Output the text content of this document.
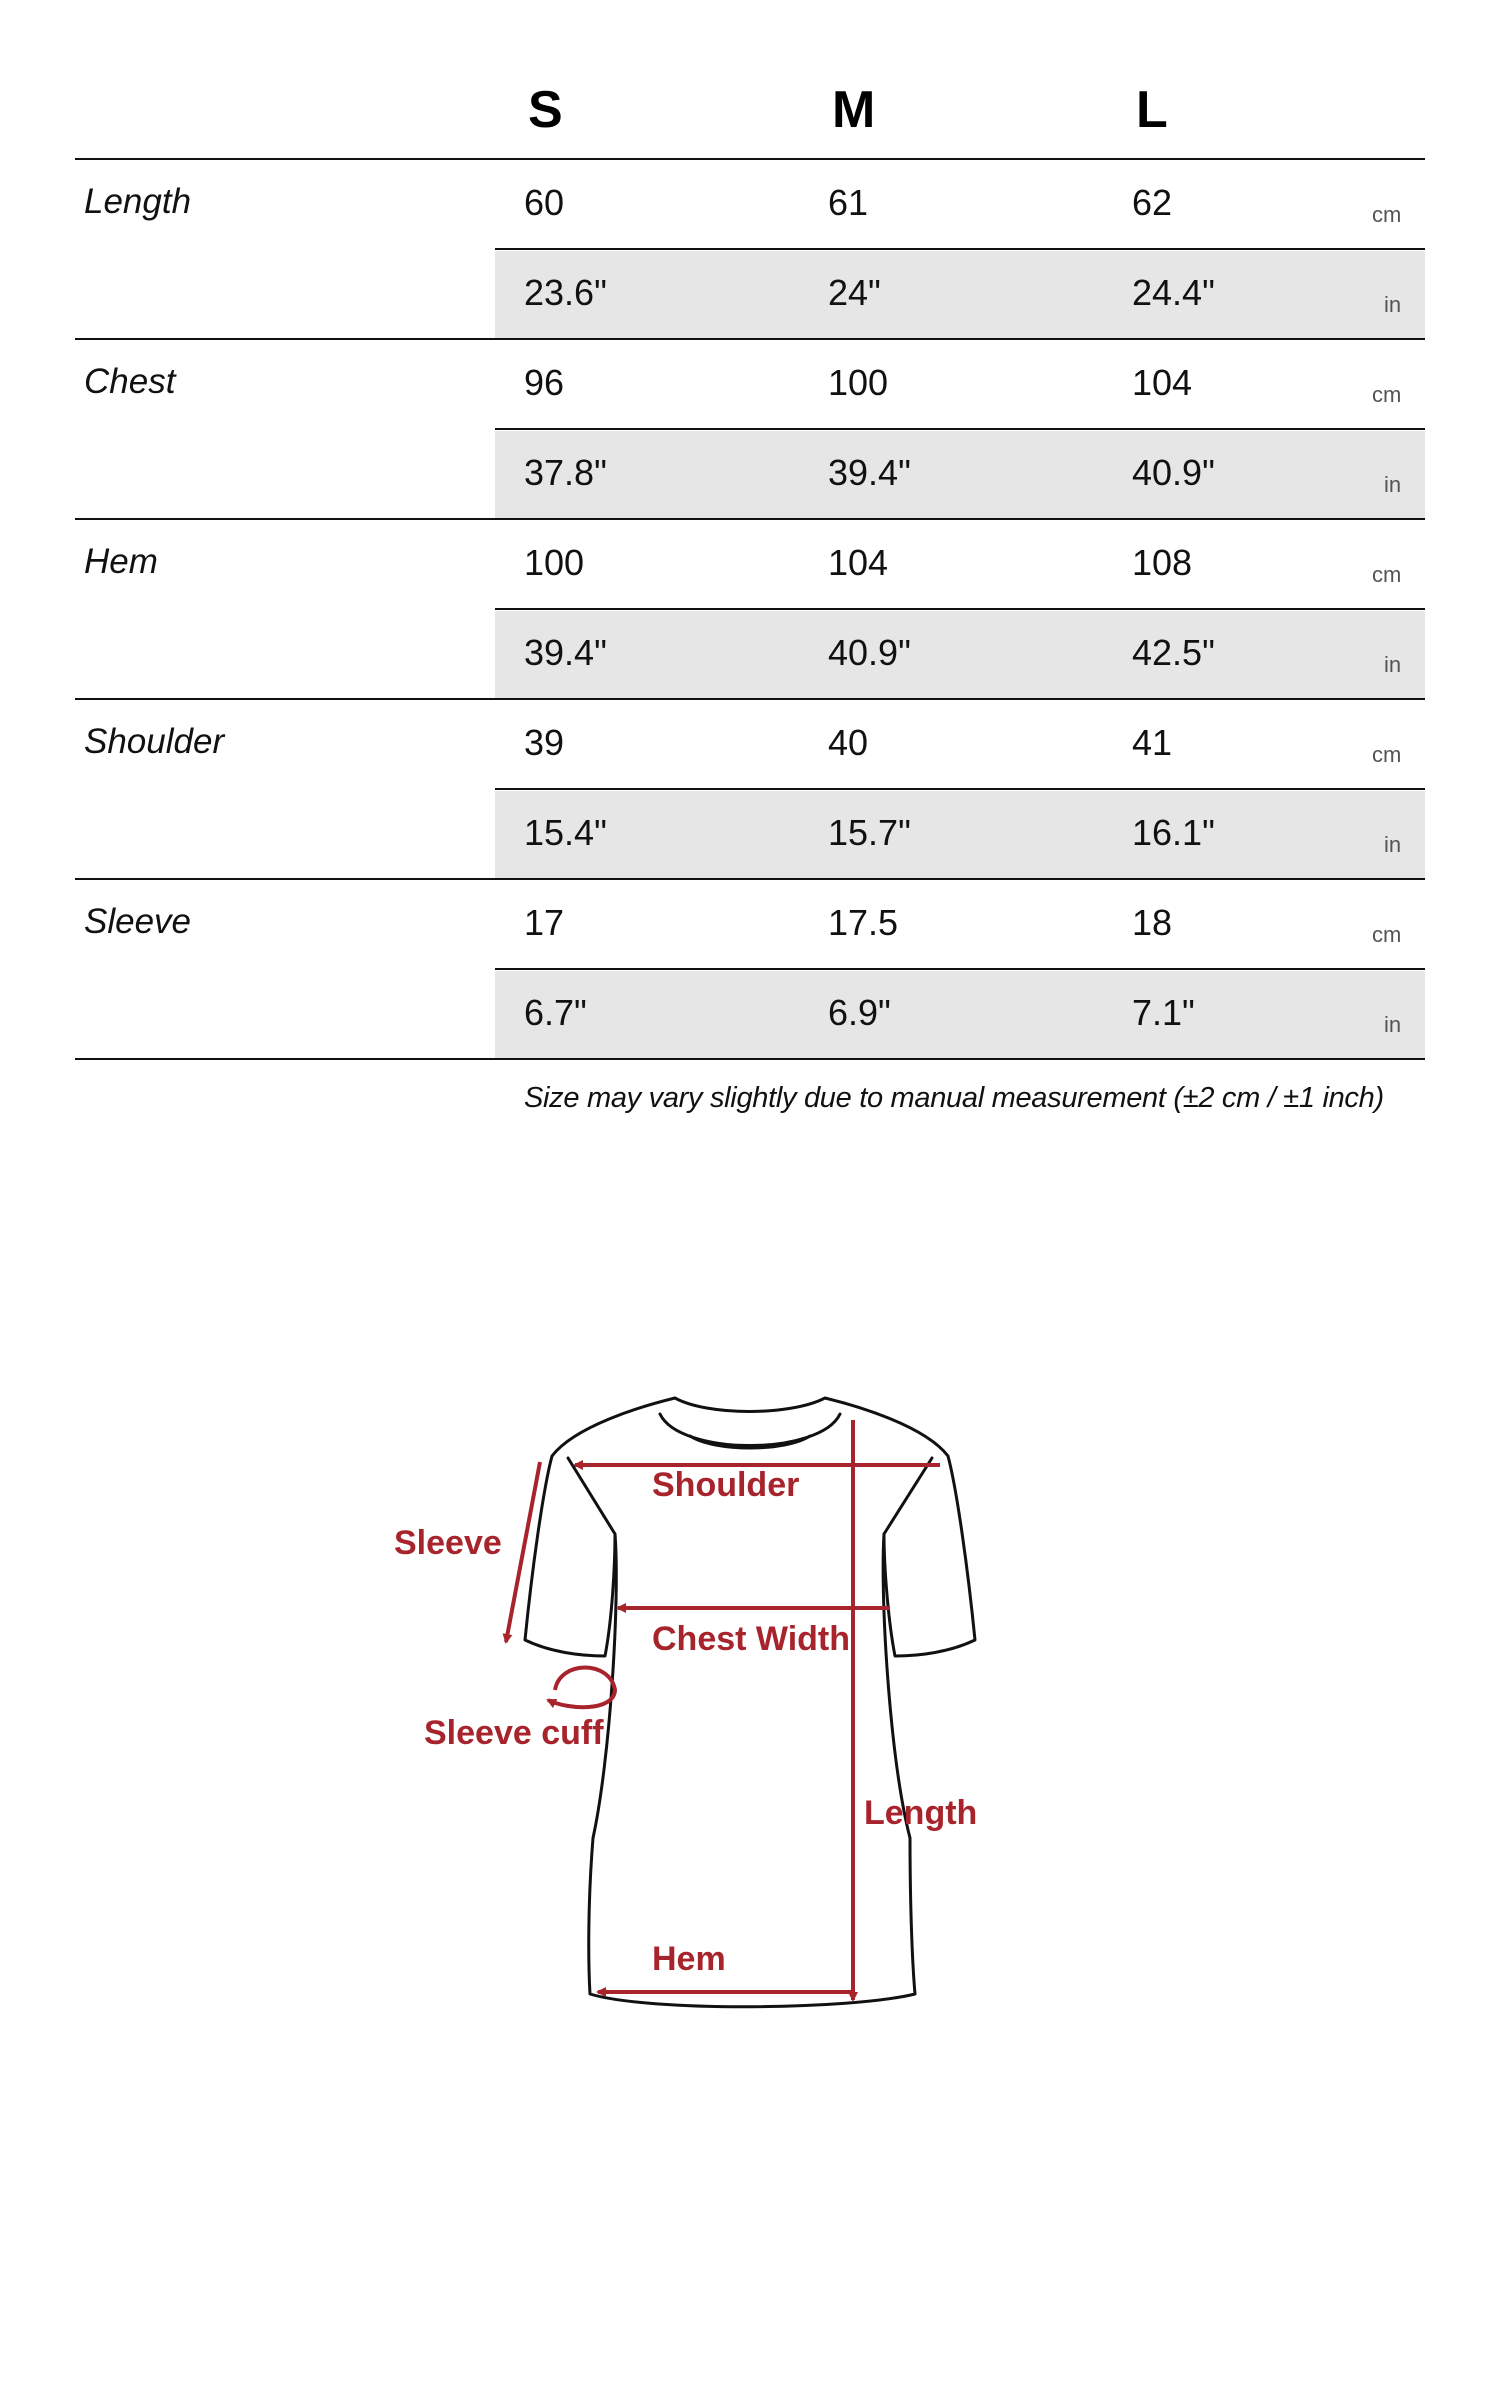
S	M	L
Length	60	61	62	cm
23.6"	24"	24.4"	in
Chest	96	100	104	cm
37.8"	39.4"	40.9"	in
Hem	100	104	108	cm
39.4"	40.9"	42.5"	in
Shoulder	39	40	41	cm
15.4"	15.7"	16.1"	in
Sleeve	17	17.5	18	cm
6.7"	6.9"	7.1"	in
Size may vary slightly due to manual measurement (±2 cm / ±1 inch)
Shoulder
Sleeve
Chest Width
Sleeve cuff
Length
Hem
